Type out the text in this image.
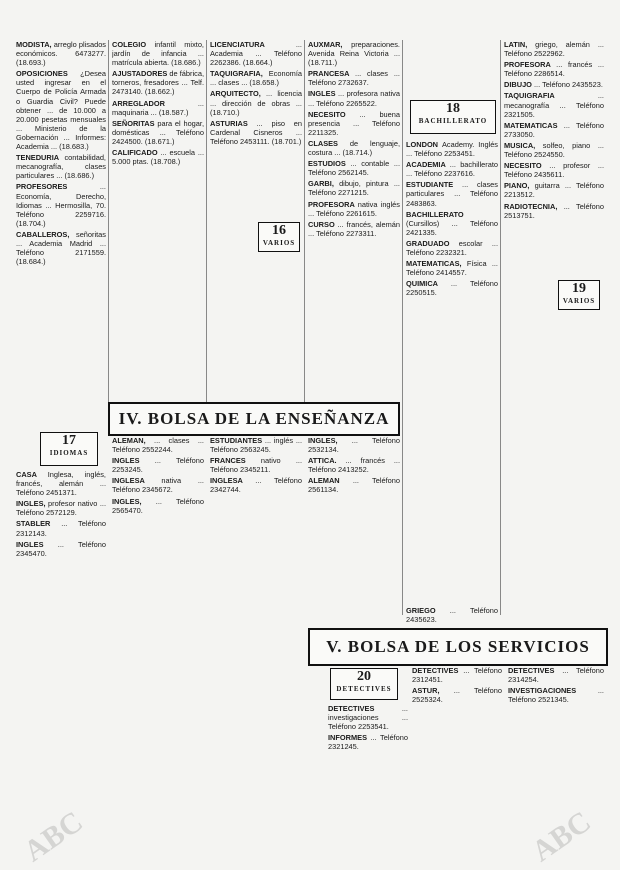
MODISTA, arreglo plisados económicos. 6473277. (18.693.)

OPOSICIONES ¿Desea usted ingresar en el Cuerpo de Policía Armada o Guardia Civil? Puede obtener ... de 10.000 a 20.000 pesetas mensuales ... Ministerio de la Gobernación ... Informes: Academia ... (18.683.)

TENEDURIA contabilidad, mecanografía, clases particulares ... (18.686.)

PROFESORES ... Economía, Derecho, Idiomas ... Hermosilla, 70. Teléfono 2259716. (18.704.)

CABALLEROS, señoritas ... Academia Madrid ... Teléfono 2171559. (18.684.)

COLEGIO infantil mixto, jardín de infancia ... matrícula abierta. (18.686.)

AJUSTADORES de fábrica, torneros, fresadores ... Telf. 2473140. (18.662.)

ARREGLADOR ... maquinaria ... (18.587.)

SEÑORITAS para el hogar, domésticas ... Teléfono 2424500. (18.671.)

CALIFICADO ... escuela ... 5.000 ptas. (18.708.)

LICENCIATURA ... Academia ... Teléfono 2262386. (18.664.)

TAQUIGRAFIA, Economía ... clases ... (18.658.)

ARQUITECTO, ... licencia ... dirección de obras ... (18.710.)

ASTURIAS ... piso en Cardenal Cisneros ... Teléfono 2453111. (18.701.)

16
VARIOS

AUXMAR, preparaciones. Avenida Reina Victoria ... (18.711.)

PRANCESA ... clases ... Teléfono 2732637.

INGLES ... profesora nativa ... Teléfono 2265522.

NECESITO ... buena presencia ... Teléfono 2211325.

CLASES de lenguaje, costura ... (18.714.)

ESTUDIOS ... contable ... Teléfono 2562145.

GARBI, dibujo, pintura ... Teléfono 2271215.

PROFESORA nativa inglés ... Teléfono 2261615.

CURSO ... francés, alemán ... Teléfono 2273311.

LONDON Academy. Inglés ... Teléfono 2253451.

ACADEMIA ... bachillerato ... Teléfono 2237616.

ESTUDIANTE ... clases particulares ... Teléfono 2483863.

BACHILLERATO (Cursillos) ... Teléfono 2421335.

GRADUADO escolar ... Teléfono 2232321.

MATEMATICAS, Física ... Teléfono 2414557.

QUIMICA ... Teléfono 2250515.

18
BACHILLERATO

LATIN, griego, alemán ... Teléfono 2522962.

PROFESORA ... francés ... Teléfono 2286514.

DIBUJO ... Teléfono 2435523.

TAQUIGRAFIA ... mecanografía ... Teléfono 2321505.

MATEMATICAS ... Teléfono 2733050.

MUSICA, solfeo, piano ... Teléfono 2524550.

NECESITO ... profesor ... Teléfono 2435611.

PIANO, guitarra ... Teléfono 2213512.

RADIOTECNIA, ... Teléfono 2513751.

19
VARIOS
IV. BOLSA DE LA ENSEÑANZA
17
IDIOMAS

CASA Inglesa, inglés, francés, alemán ... Teléfono 2451371.

INGLES, profesor nativo ... Teléfono 2572129.

STABLER ... Teléfono 2312143.

INGLES ... Teléfono 2345470.

ALEMAN, ... clases ... Teléfono 2552244.

INGLES ... Teléfono 2253245.

INGLESA nativa ... Teléfono 2345672.

INGLES, ... Teléfono 2565470.

ESTUDIANTES ... inglés ... Teléfono 2563245.

FRANCES nativo ... Teléfono 2345211.

INGLESA ... Teléfono 2342744.

INGLES, ... Teléfono 2532134.

ATTICA. ... francés ... Teléfono 2413252.

ALEMAN ... Teléfono 2561134.

GRIEGO ... Teléfono 2435623.

V. BOLSA DE LOS SERVICIOS
20
DETECTIVES

DETECTIVES ... investigaciones ... Teléfono 2253541.

INFORMES ... Teléfono 2321245.

DETECTIVES ... Teléfono 2312451.

ASTUR, ... Teléfono 2525324.

DETECTIVES ... Teléfono 2314254.

INVESTIGACIONES ... Teléfono 2521345.

ABC	ABC
